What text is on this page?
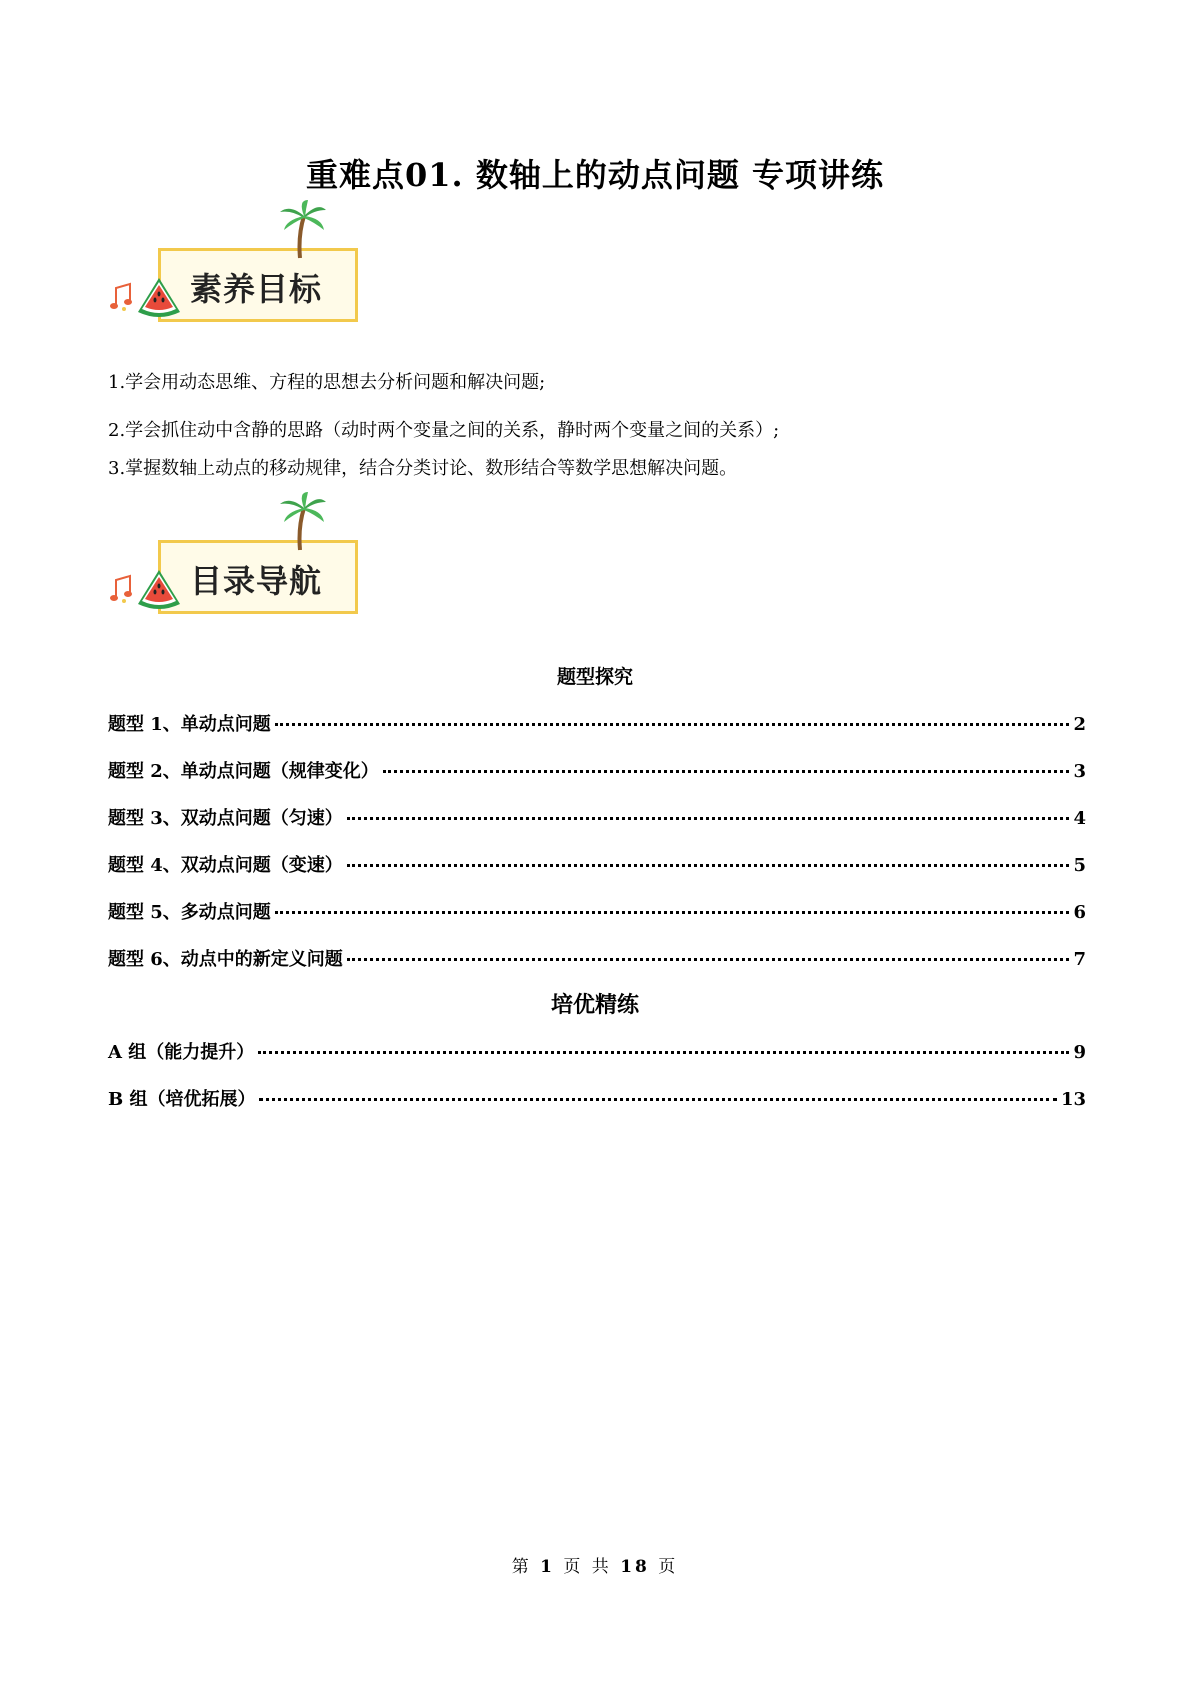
重难点01. 数轴上的动点问题 专项讲练
素养目标
1.学会用动态思维、方程的思想去分析问题和解决问题;
2.学会抓住动中含静的思路（动时两个变量之间的关系，静时两个变量之间的关系）;
3.掌握数轴上动点的移动规律，结合分类讨论、数形结合等数学思想解决问题。
目录导航
题型探究
题型 1、单动点问题	2
题型 2、单动点问题（规律变化）	3
题型 3、双动点问题（匀速）	4
题型 4、双动点问题（变速）	5
题型 5、多动点问题	6
题型 6、动点中的新定义问题	7
培优精练
A 组（能力提升）	9
B 组（培优拓展）	13
第 1 页 共 18 页
